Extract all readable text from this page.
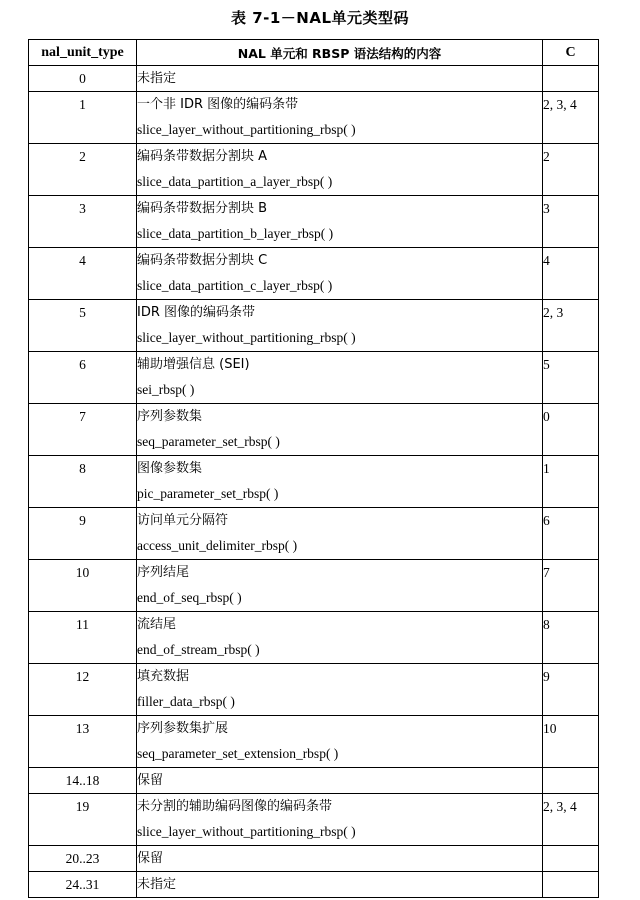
表 7-1－NAL单元类型码
nal_unit_type	NAL 单元和 RBSP 语法结构的内容	C

0	未指定	

1	一个非 IDR 图像的编码条带
slice_layer_without_partitioning_rbsp( )	2, 3, 4

2	编码条带数据分割块 A
slice_data_partition_a_layer_rbsp( )	2

3	编码条带数据分割块 B
slice_data_partition_b_layer_rbsp( )	3

4	编码条带数据分割块 C
slice_data_partition_c_layer_rbsp( )	4

5	IDR 图像的编码条带
slice_layer_without_partitioning_rbsp( )	2, 3

6	辅助增强信息 (SEI)
sei_rbsp( )	5

7	序列参数集
seq_parameter_set_rbsp( )	0

8	图像参数集
pic_parameter_set_rbsp( )	1

9	访问单元分隔符
access_unit_delimiter_rbsp( )	6

10	序列结尾
end_of_seq_rbsp( )	7

11	流结尾
end_of_stream_rbsp( )	8

12	填充数据
filler_data_rbsp( )	9

13	序列参数集扩展
seq_parameter_set_extension_rbsp( )	10

14..18	保留	

19	未分割的辅助编码图像的编码条带
slice_layer_without_partitioning_rbsp( )	2, 3, 4

20..23	保留	

24..31	未指定	
